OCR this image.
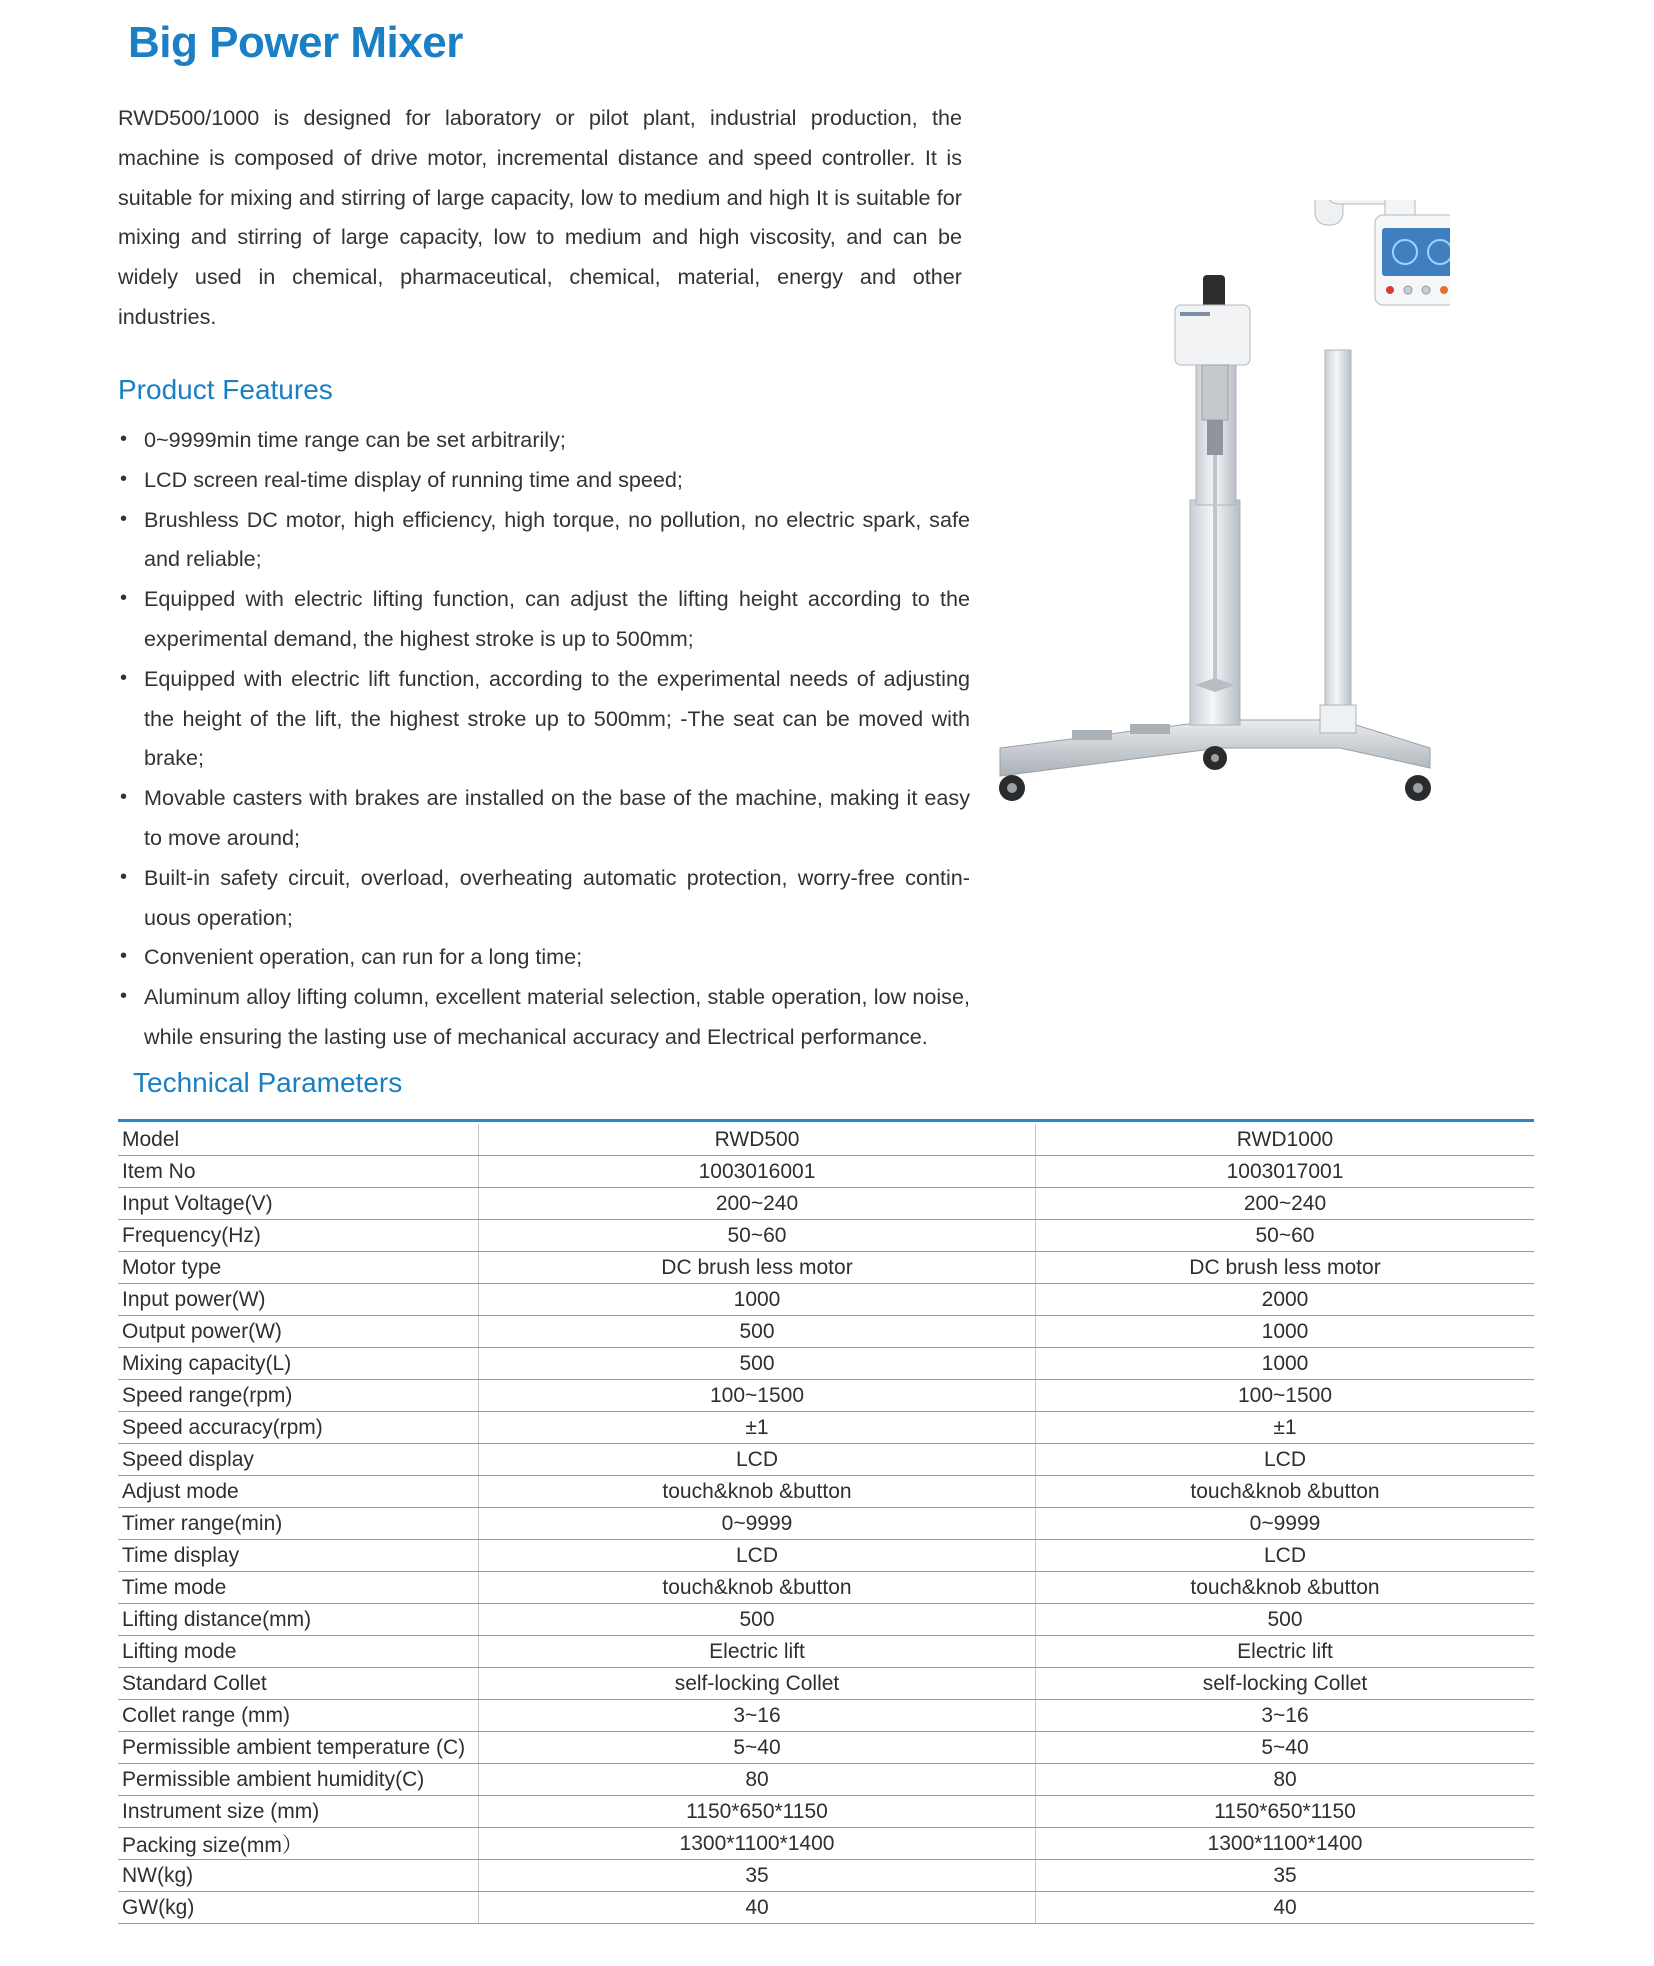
Big Power Mixer

RWD500/1000 is designed for laboratory or pilot plant, industrial production, the machine is composed of drive motor, incremental distance and speed controller. It is suitable for mixing and stirring of large capacity, low to medium and high It is suitable for mixing and stirring of large capacity, low to medium and high viscosity, and can be widely used in chemical, pharmaceutical, chemical, material, energy and other industries.

Product Features
• 0~9999min time range can be set arbitrarily;
• LCD screen real-time display of running time and speed;
• Brushless DC motor, high efficiency, high torque, no pollution, no electric spark, safe and reliable;
• Equipped with electric lifting function, can adjust the lifting height according to the experimental demand, the highest stroke is up to 500mm;
• Equipped with electric lift function, according to the experimental needs of adjusting the height of the lift, the highest stroke up to 500mm; -The seat can be moved with brake;
• Movable casters with brakes are installed on the base of the machine, making it easy to move around;
• Built-in safety circuit, overload, overheating automatic protection, worry-free contin-uous operation;
• Convenient operation, can run for a long time;
• Aluminum alloy lifting column, excellent material selection, stable operation, low noise, while ensuring the lasting use of mechanical accuracy and Electrical performance.
Technical Parameters
Model	RWD500	RWD1000
Item No	1003016001	1003017001
Input Voltage(V)	200~240	200~240
Frequency(Hz)	50~60	50~60
Motor type	DC brush less motor	DC brush less motor
Input power(W)	1000	2000
Output power(W)	500	1000
Mixing capacity(L)	500	1000
Speed range(rpm)	100~1500	100~1500
Speed accuracy(rpm)	±1	±1
Speed display	LCD	LCD
Adjust mode	touch&knob &button	touch&knob &button
Timer range(min)	0~9999	0~9999
Time display	LCD	LCD
Time mode	touch&knob &button	touch&knob &button
Lifting distance(mm)	500	500
Lifting mode	Electric lift	Electric lift
Standard Collet	self-locking Collet	self-locking Collet
Collet range (mm)	3~16	3~16
Permissible ambient temperature (C)	5~40	5~40
Permissible ambient humidity(C)	80	80
Instrument size (mm)	1150*650*1150	1150*650*1150
Packing size(mm）	1300*1100*1400	1300*1100*1400
NW(kg)	35	35
GW(kg)	40	40
